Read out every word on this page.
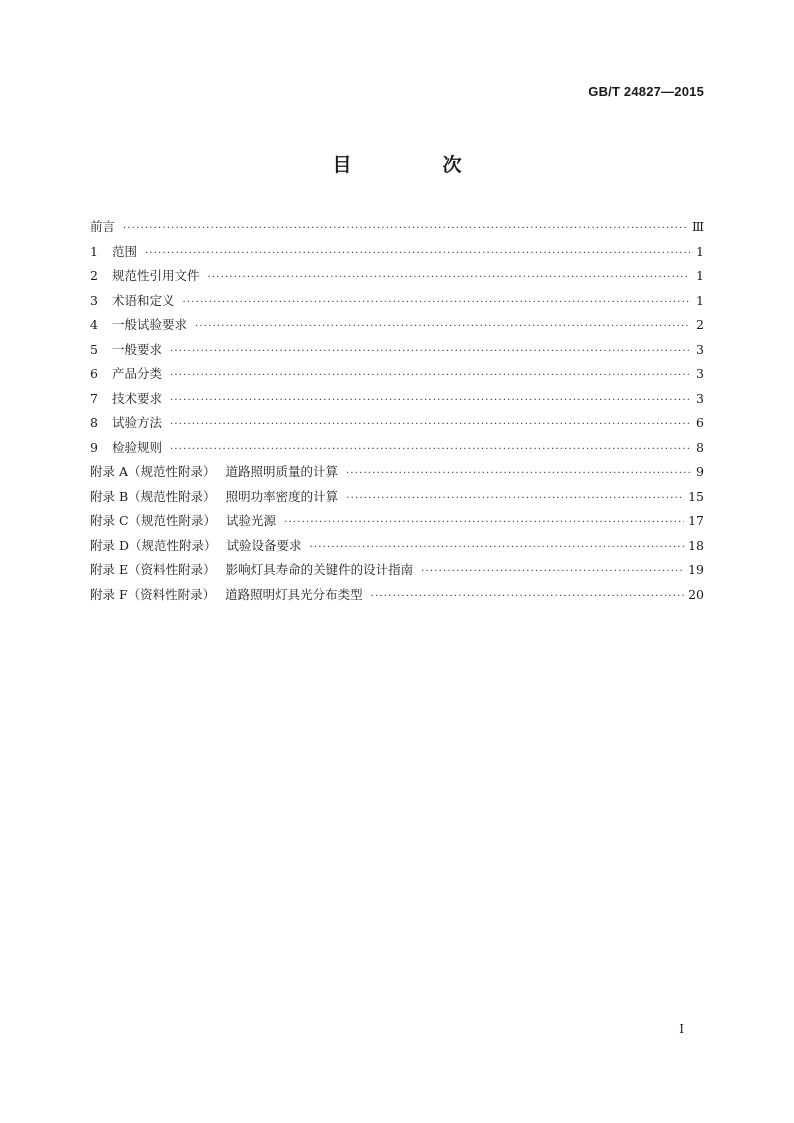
GB/T 24827—2015
目　次
前言 ·····	Ⅲ
1 范围 ·····	1
2 规范性引用文件 ·····	1
3 术语和定义 ·····	1
4 一般试验要求 ·····	2
5 一般要求 ·····	3
6 产品分类 ·····	3
7 技术要求 ·····	3
8 试验方法 ·····	6
9 检验规则 ·····	8
附录 A（规范性附录） 道路照明质量的计算 ·····	9
附录 B（规范性附录） 照明功率密度的计算 ·····	15
附录 C（规范性附录） 试验光源 ·····	17
附录 D（规范性附录） 试验设备要求 ·····	18
附录 E（资料性附录） 影响灯具寿命的关键件的设计指南 ·····	19
附录 F（资料性附录） 道路照明灯具光分布类型 ·····	20
I
